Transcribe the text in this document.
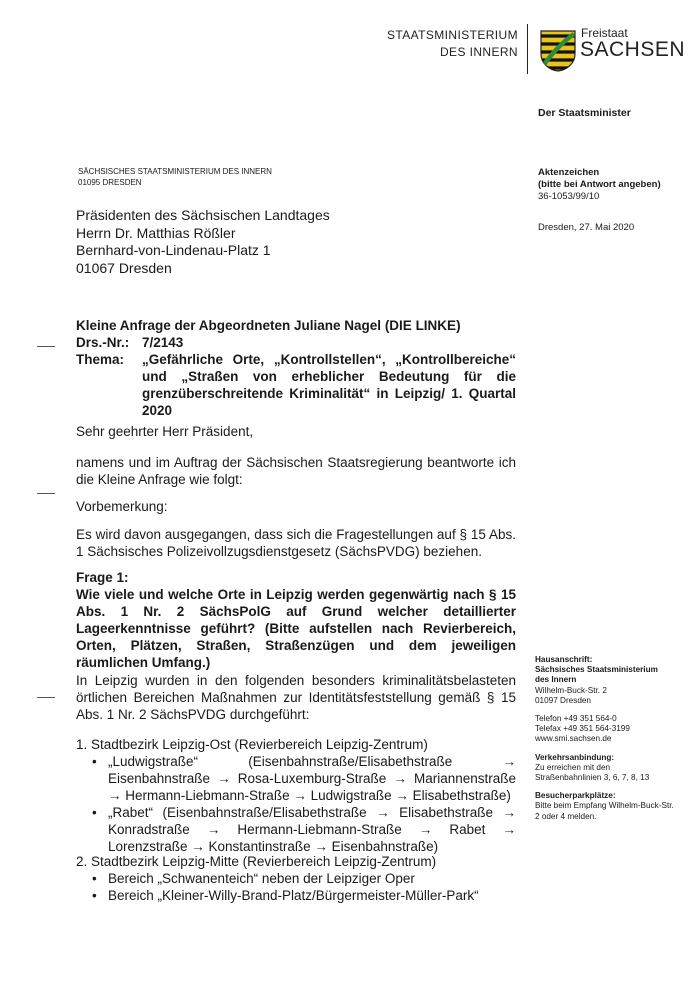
STAATSMINISTERIUM
DES INNERN
Freistaat
SACHSEN
Der Staatsminister
SÄCHSISCHES STAATSMINISTERIUM DES INNERN
01095 DRESDEN
Präsidenten des Sächsischen Landtages
Herrn Dr. Matthias Rößler
Bernhard-von-Lindenau-Platz 1
01067 Dresden
Aktenzeichen
(bitte bei Antwort angeben)
36-1053/99/10
Dresden, 27. Mai 2020
Kleine Anfrage der Abgeordneten Juliane Nagel (DIE LINKE)
Drs.-Nr.: 7/2143
Thema:	„Gefährliche Orte, „Kontrollstellen“, „Kontrollbereiche“ und „Straßen von erheblicher Bedeutung für die grenzüberschreitende Kriminalität“ in Leipzig/ 1. Quartal 2020
Sehr geehrter Herr Präsident,
namens und im Auftrag der Sächsischen Staatsregierung beantworte ich die Kleine Anfrage wie folgt:
Vorbemerkung:
Es wird davon ausgegangen, dass sich die Fragestellungen auf § 15 Abs. 1 Sächsisches Polizeivollzugsdienstgesetz (SächsPVDG) beziehen.
Frage 1:
Wie viele und welche Orte in Leipzig werden gegenwärtig nach § 15 Abs. 1 Nr. 2 SächsPolG auf Grund welcher detaillierter Lageerkenntnisse geführt? (Bitte aufstellen nach Revierbereich, Orten, Plätzen, Straßen, Straßenzügen und dem jeweiligen räumlichen Umfang.)
In Leipzig wurden in den folgenden besonders kriminalitätsbelasteten örtlichen Bereichen Maßnahmen zur Identitätsfeststellung gemäß § 15 Abs. 1 Nr. 2 SächsPVDG durchgeführt:
1. Stadtbezirk Leipzig-Ost (Revierbereich Leipzig-Zentrum)
• „Ludwigstraße“ (Eisenbahnstraße/Elisabethstraße → Eisenbahnstraße → Rosa-Luxemburg-Straße → Mariannenstraße → Hermann-Liebmann-Straße → Ludwigstraße → Elisabethstraße)
• „Rabet“ (Eisenbahnstraße/Elisabethstraße → Elisabethstraße → Konradstraße → Hermann-Liebmann-Straße → Rabet → Lorenzstraße → Konstantinstraße → Eisenbahnstraße)
2. Stadtbezirk Leipzig-Mitte (Revierbereich Leipzig-Zentrum)
• Bereich „Schwanenteich“ neben der Leipziger Oper
• Bereich „Kleiner-Willy-Brand-Platz/Bürgermeister-Müller-Park“
Hausanschrift:
Sächsisches Staatsministerium
des Innern
Wilhelm-Buck-Str. 2
01097 Dresden
Telefon +49 351 564-0
Telefax +49 351 564-3199
www.smi.sachsen.de
Verkehrsanbindung:
Zu erreichen mit den Straßenbahnlinien 3, 6, 7, 8, 13
Besucherparkplätze:
Bitte beim Empfang Wilhelm-Buck-Str. 2 oder 4 melden.
